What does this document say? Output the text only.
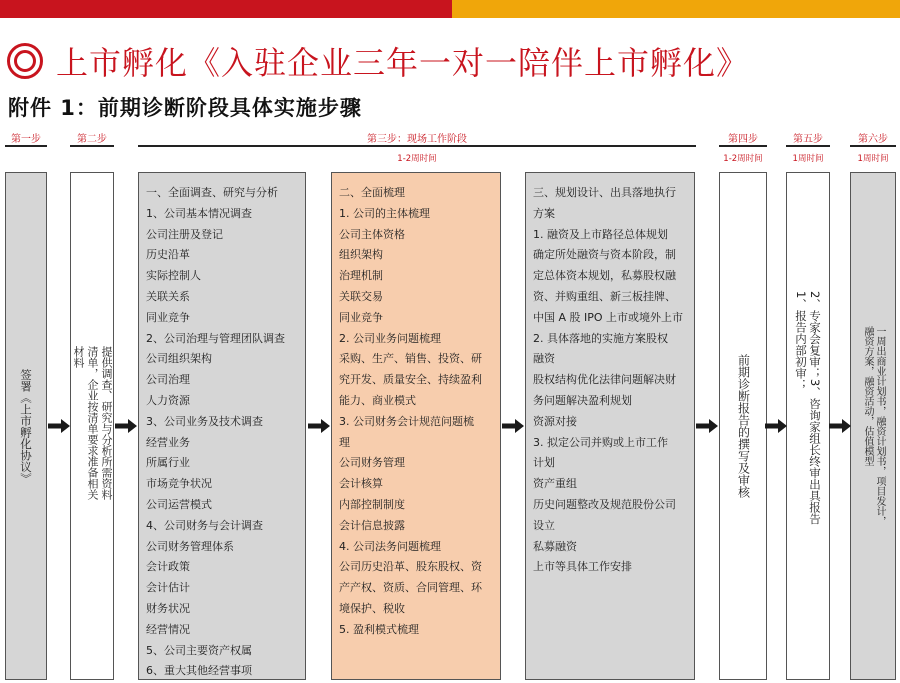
上市孵化《入驻企业三年一对一陪伴上市孵化》
附件 1：前期诊断阶段具体实施步骤
第一步	第二步	第三步：现场工作阶段
1-2周时间
第四步
1-2周时间
第五步
1周时间
第六步
1周时间
签署《上市孵化协议》	提供调查、研究与分析所需资料清单，企业按清单要求准备相关材料
一、全面调查、研究与分析
1、公司基本情况调查
公司注册及登记
历史沿革
实际控制人
关联关系
同业竞争
2、公司治理与管理团队调查
公司组织架构
公司治理
人力资源
3、公司业务及技术调查
经营业务
所属行业
市场竞争状况
公司运营模式
4、公司财务与会计调查
公司财务管理体系
会计政策
会计估计
财务状况
经营情况
5、公司主要资产权属
6、重大其他经营事项
二、全面梳理
1. 公司的主体梳理
公司主体资格
组织架构
治理机制
关联交易
同业竞争
2. 公司业务问题梳理
采购、生产、销售、投资、研
究开发、质量安全、持续盈利
能力、商业模式
3. 公司财务会计规范问题梳
理
公司财务管理
会计核算
内部控制制度
会计信息披露
4. 公司法务问题梳理
公司历史沿革、股东股权、资
产产权、资质、合同管理、环
境保护、税收
5. 盈利模式梳理
三、规划设计、出具落地执行
方案
1. 融资及上市路径总体规划
确定所处融资与资本阶段，制
定总体资本规划，私募股权融
资、并购重组、新三板挂牌、
中国 A 股 IPO 上市或境外上市
2. 具体落地的实施方案股权
融资
股权结构优化法律问题解决财
务问题解决盈利规划
资源对接
3. 拟定公司并购或上市工作
计划
资产重组
历史问题整改及规范股份公司
设立
私募融资
上市等具体工作安排
前期诊断报告的撰写及审核
1、报告内部初审； 2、专家会复审；3、咨询家组长终审出具报告	一周出商业计划书，融资计划书，项目发计，融资方案，融资活动，估值模型
